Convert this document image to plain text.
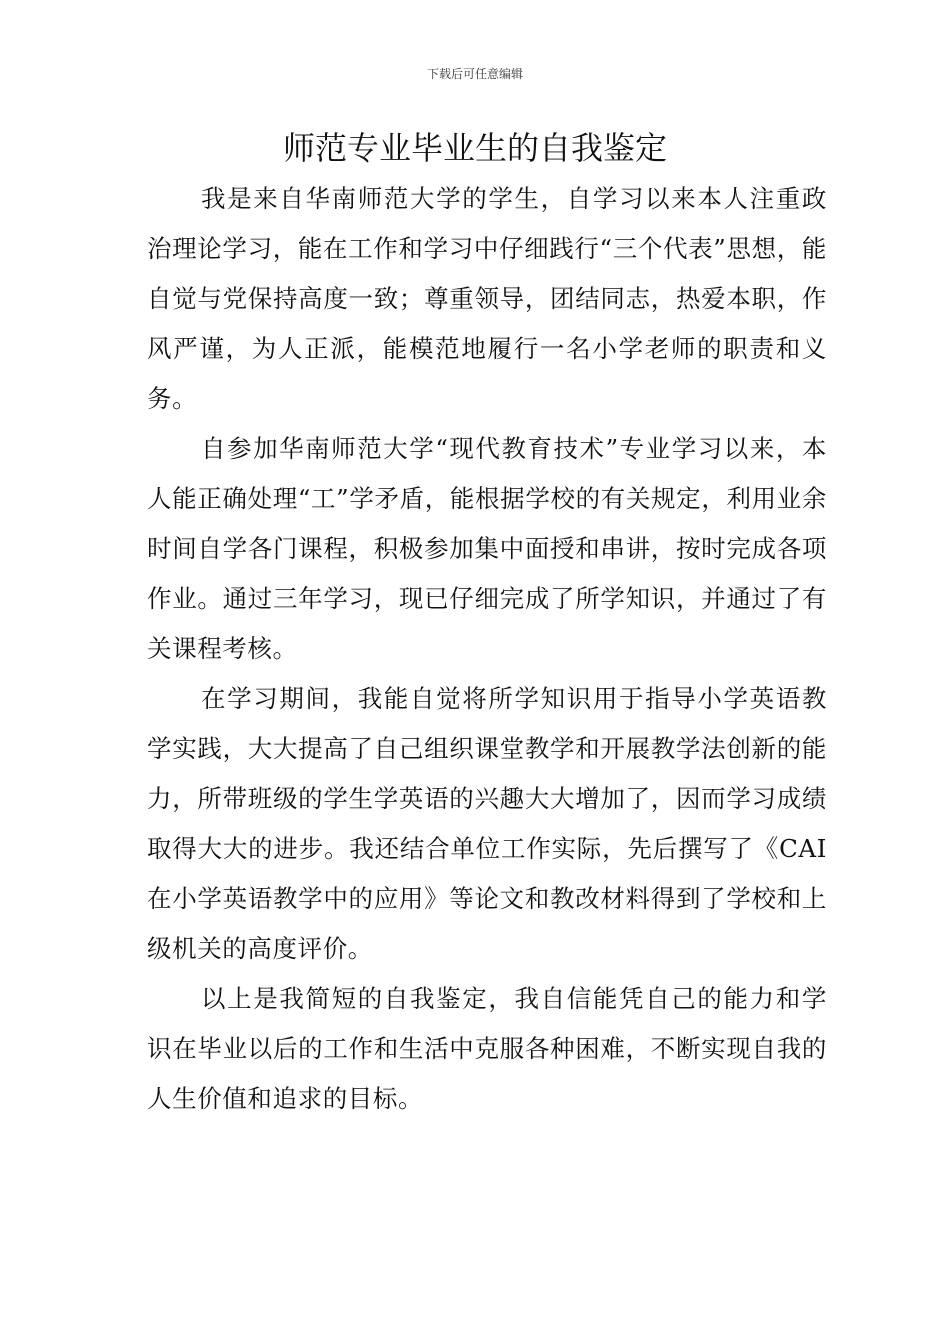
下载后可任意编辑
师范专业毕业生的自我鉴定

我是来自华南师范大学的学生，自学习以来本人注重政治理论学习，能在工作和学习中仔细践行“三个代表”思想，能自觉与党保持高度一致；尊重领导，团结同志，热爱本职，作风严谨，为人正派，能模范地履行一名小学老师的职责和义务。

自参加华南师范大学“现代教育技术”专业学习以来，本人能正确处理“工”学矛盾，能根据学校的有关规定，利用业余时间自学各门课程，积极参加集中面授和串讲，按时完成各项作业。通过三年学习，现已仔细完成了所学知识，并通过了有关课程考核。

在学习期间，我能自觉将所学知识用于指导小学英语教学实践，大大提高了自己组织课堂教学和开展教学法创新的能力，所带班级的学生学英语的兴趣大大增加了，因而学习成绩取得大大的进步。我还结合单位工作实际，先后撰写了《CAI在小学英语教学中的应用》等论文和教改材料得到了学校和上级机关的高度评价。

以上是我简短的自我鉴定，我自信能凭自己的能力和学识在毕业以后的工作和生活中克服各种困难，不断实现自我的人生价值和追求的目标。
